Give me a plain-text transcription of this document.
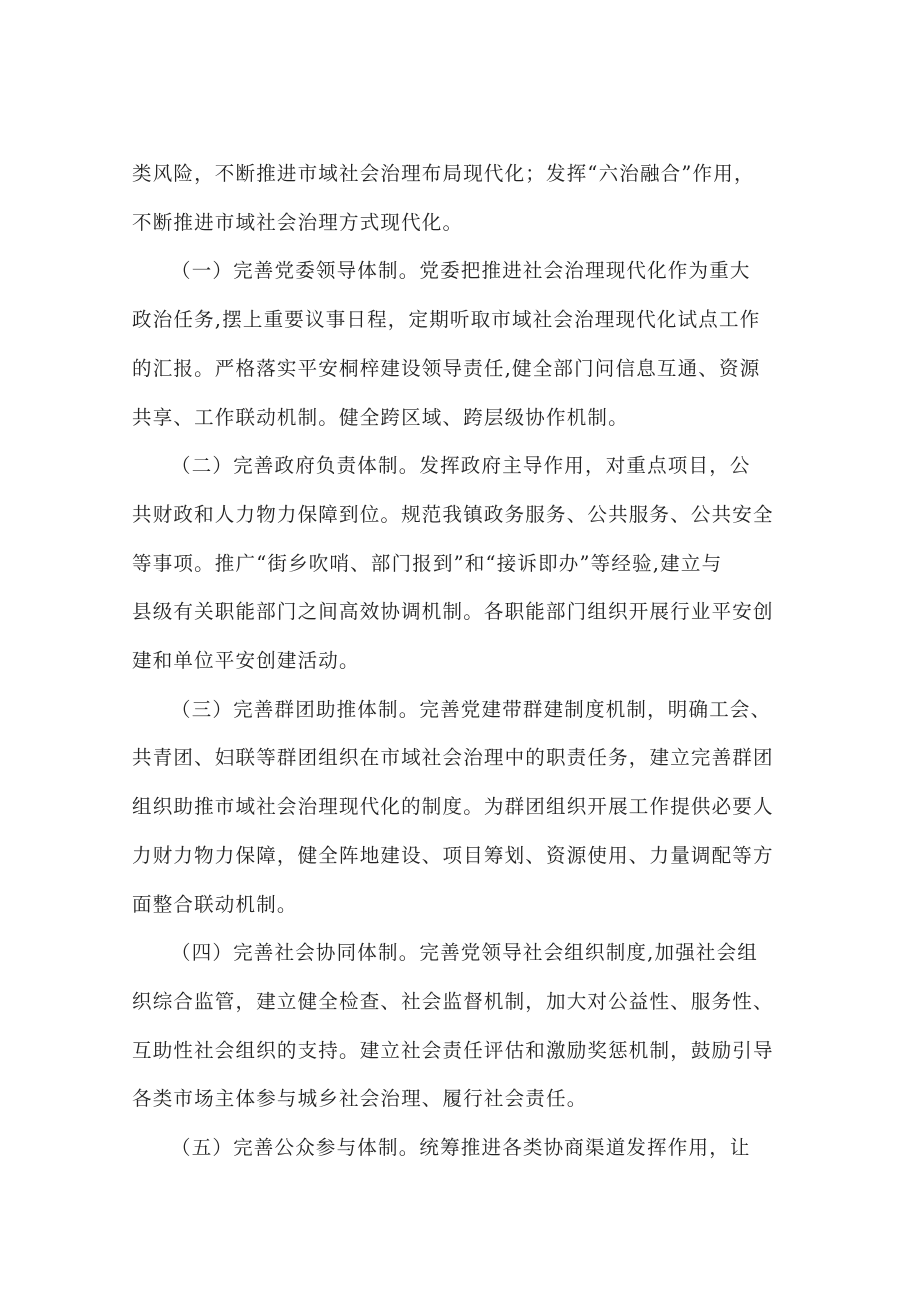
类风险，不断推进市域社会治理布局现代化；发挥“六治融合”作用，
不断推进市域社会治理方式现代化。

（一）完善党委领导体制。党委把推进社会治理现代化作为重大
政治任务,摆上重要议事日程，定期听取市域社会治理现代化试点工作
的汇报。严格落实平安桐梓建设领导责任,健全部门问信息互通、资源
共享、工作联动机制。健全跨区域、跨层级协作机制。

（二）完善政府负责体制。发挥政府主导作用，对重点项目，公
共财政和人力物力保障到位。规范我镇政务服务、公共服务、公共安全
等事项。推广“街乡吹哨、部门报到”和“接诉即办”等经验,建立与
县级有关职能部门之间高效协调机制。各职能部门组织开展行业平安创
建和单位平安创建活动。

（三）完善群团助推体制。完善党建带群建制度机制，明确工会、
共青团、妇联等群团组织在市域社会治理中的职责任务，建立完善群团
组织助推市域社会治理现代化的制度。为群团组织开展工作提供必要人
力财力物力保障，健全阵地建设、项目筹划、资源使用、力量调配等方
面整合联动机制。

（四）完善社会协同体制。完善党领导社会组织制度,加强社会组
织综合监管，建立健全检查、社会监督机制，加大对公益性、服务性、
互助性社会组织的支持。建立社会责任评估和激励奖惩机制，鼓励引导
各类市场主体参与城乡社会治理、履行社会责任。

（五）完善公众参与体制。统筹推进各类协商渠道发挥作用，让
